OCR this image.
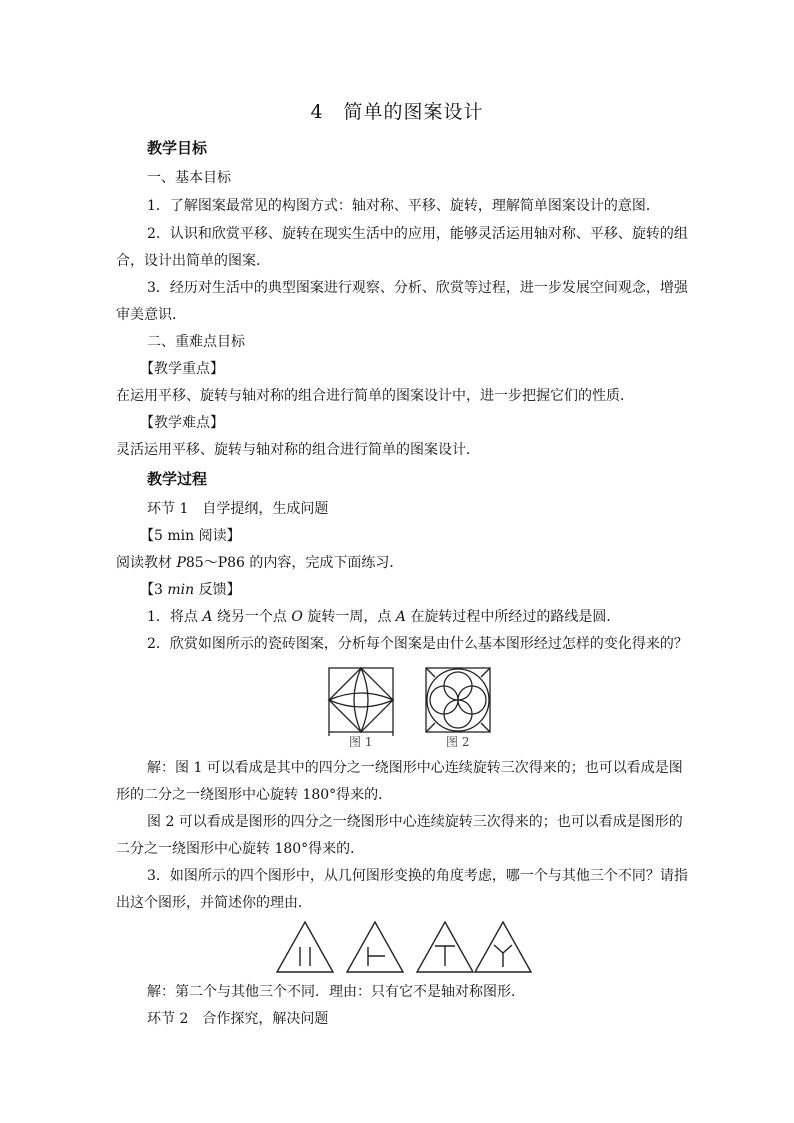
4　简单的图案设计
教学目标
一、基本目标
1．了解图案最常见的构图方式：轴对称、平移、旋转，理解简单图案设计的意图．
2．认识和欣赏平移、旋转在现实生活中的应用，能够灵活运用轴对称、平移、旋转的组
合，设计出简单的图案．
3．经历对生活中的典型图案进行观察、分析、欣赏等过程，进一步发展空间观念，增强
审美意识．
二、重难点目标
【教学重点】
在运用平移、旋转与轴对称的组合进行简单的图案设计中，进一步把握它们的性质．
【教学难点】
灵活运用平移、旋转与轴对称的组合进行简单的图案设计．
教学过程
环节 1　自学提纲，生成问题
【5 min 阅读】
阅读教材 P85～P86 的内容，完成下面练习．
【3 min 反馈】
1．将点 A 绕另一个点 O 旋转一周，点 A 在旋转过程中所经过的路线是圆．
2．欣赏如图所示的瓷砖图案，分析每个图案是由什么基本图形经过怎样的变化得来的？
图 1	图 2
解：图 1 可以看成是其中的四分之一绕图形中心连续旋转三次得来的；也可以看成是图
形的二分之一绕图形中心旋转 180°得来的．
图 2 可以看成是图形的四分之一绕图形中心连续旋转三次得来的；也可以看成是图形的
二分之一绕图形中心旋转 180°得来的．
3．如图所示的四个图形中，从几何图形变换的角度考虑，哪一个与其他三个不同？请指
出这个图形，并简述你的理由．
解：第二个与其他三个不同．理由：只有它不是轴对称图形．
环节 2　合作探究，解决问题
